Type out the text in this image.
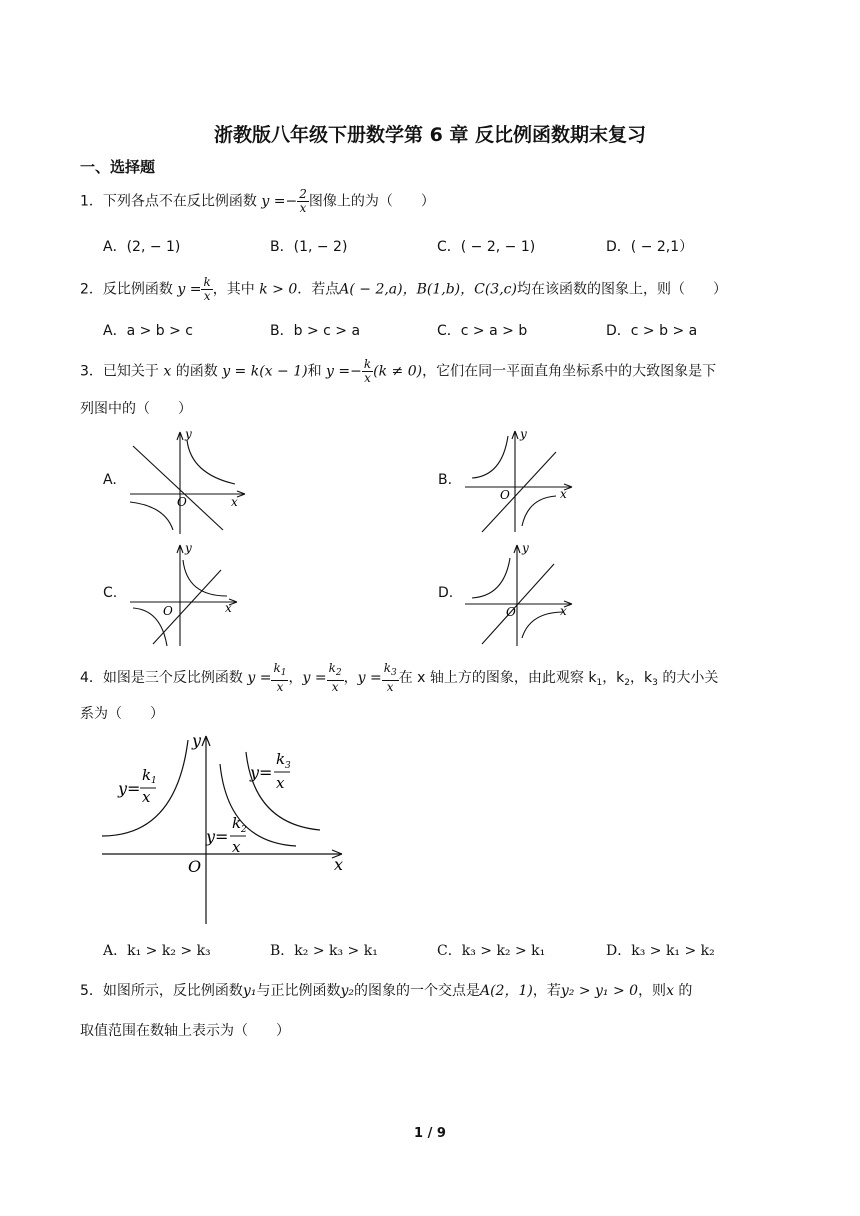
浙教版八年级下册数学第 6 章 反比例函数期末复习
一、选择题
1．下列各点不在反比例函数 $y =- \frac{2}{x}$ 图像上的为（　　）
A．(2, − 1)	B．(1, − 2)	C．( − 2, − 1)	D．( − 2,1）
2．反比例函数 $y = \frac{k}{x}$ ，其中 k > 0．若点A( − 2,a)，B(1,b)，C(3,c)均在该函数的图象上，则（　　）
A．a > b > c	B．b > c > a	C．c > a > b	D．c > b > a
3．已知关于 x 的函数 y = k(x − 1)和 $y =- \frac{k}{x} (k \ne 0)$，它们在同一平面直角坐标系中的大致图象是下
列图中的（　　）
A.
y
x
O
B.
y
x
O
C.
y
x
O
D.
y
x
O
4．如图是三个反比例函数 $y = \frac{k_1}{x}$ ，$y = \frac{k_2}{x}$ ，$y = \frac{k_3}{x}$ 在 x 轴上方的图象，由此观察 $k_1$，$k_2$，$k_3$ 的大小关
系为（　　）
y
x
O
y=
k 1
x
y=
k 3
x
y=
k 2
x
A．k₁ > k₂ > k₃	B．k₂ > k₃ > k₁	C．k₃ > k₂ > k₁	D．k₃ > k₁ > k₂
5．如图所示，反比例函数y₁与正比例函数y₂的图象的一个交点是A(2，1)，若y₂ > y₁ > 0，则x 的
取值范围在数轴上表示为（　　）
1 / 9
